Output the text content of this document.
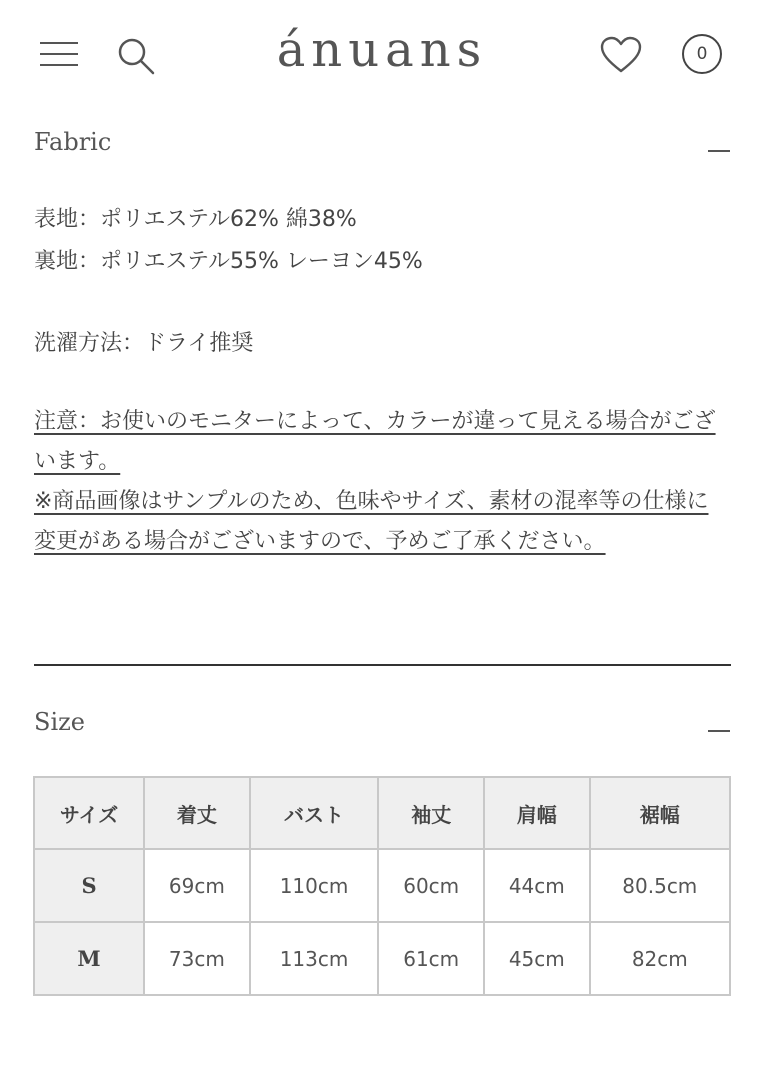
ánuans	0
Fabric
表地：ポリエステル62% 綿38%
裏地：ポリエステル55% レーヨン45%
洗濯方法：ドライ推奨
注意：お使いのモニターによって、カラーが違って見える場合がございます。
※商品画像はサンプルのため、色味やサイズ、素材の混率等の仕様に変更がある場合がございますので、予めご了承ください。
Size
サイズ	着丈	バスト	袖丈	肩幅	裾幅
S	69cm	110cm	60cm	44cm	80.5cm
M	73cm	113cm	61cm	45cm	82cm
